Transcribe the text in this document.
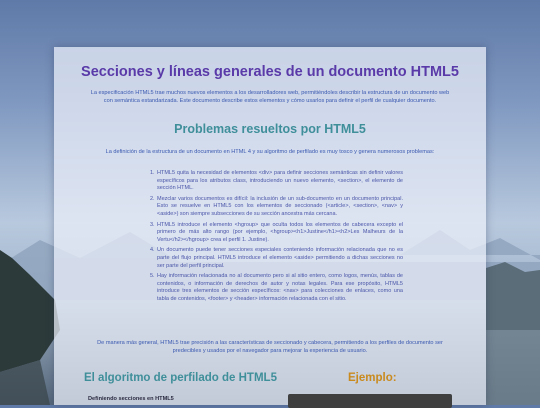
Secciones y líneas generales de un documento HTML5

La especificación HTML5 trae muchos nuevos elementos a los desarrolladores web, permitiéndoles describir la estructura de un documento web con semántica estandarizada. Este documento describe estos elementos y cómo usarlos para definir el perfil de cualquier documento.

Problemas resueltos por HTML5

La definición de la estructura de un documento en HTML 4 y su algoritmo de perfilado es muy tosco y genera numerosos problemas:

1. HTML5 quita la necesidad de elementos <div> para definir secciones semánticas sin definir valores específicos para los atributos class, introduciendo un nuevo elemento, <section>, el elemento de sección HTML.
2. Mezclar varios documentos es difícil: la inclusión de un sub-documento en un documento principal. Esto se resuelve en HTML5 con los elementos de seccionado (<article>, <section>, <nav> y <aside>) son siempre subsecciones de su sección ancestra más cercana.
3. HTML5 introduce el elemento <hgroup> que oculta todos los elementos de cabecera excepto el primero de más alto rango (por ejemplo, <hgroup><h1>Justine</h1><h2>Les Malheurs de la Vertu</h2></hgroup> crea el perfil 1. Justine).
4. Un documento puede tener secciones especiales conteniendo información relacionada que no es parte del flujo principal. HTML5 introduce el elemento <aside> permitiendo a dichas secciones no ser parte del perfil principal.
5. Hay información relacionada no al documento pero si al sitio entero, como logos, menús, tablas de contenidos, o información de derechos de autor y notas legales. Para ese propósito, HTML5 introduce tres elementos de sección específicos: <nav> para colecciones de enlaces, como una tabla de contenidos, <footer> y <header> información relacionada con el sitio.

De manera más general, HTML5 trae precisión a las características de seccionado y cabecera, permitiendo a los perfiles de documento ser predecibles y usados por el navegador para mejorar la experiencia de usuario.

El algoritmo de perfilado de HTML5	Ejemplo:
Definiendo secciones en HTML5
